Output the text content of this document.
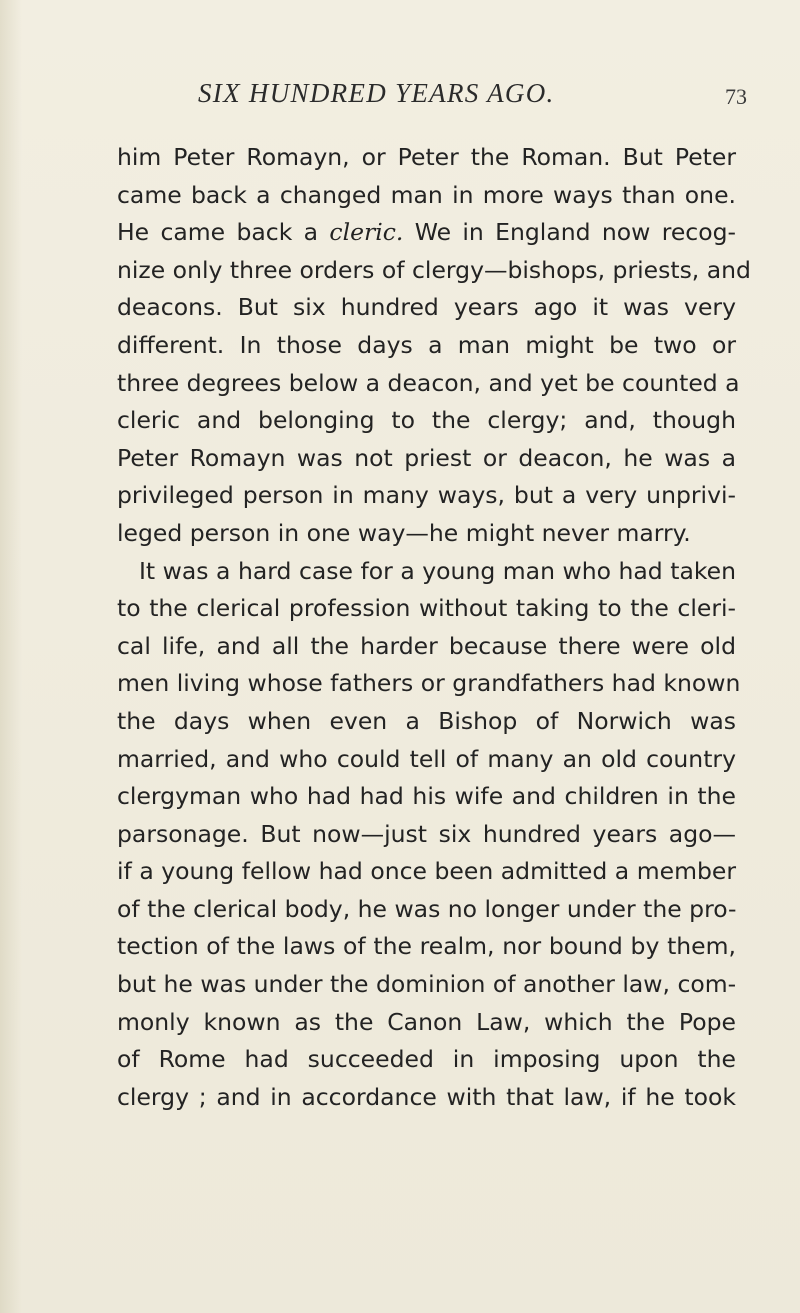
SIX HUNDRED YEARS AGO.	73
him Peter Romayn, or Peter the Roman. But Peter
came back a changed man in more ways than one.
He came back a cleric. We in England now recog-
nize only three orders of clergy—bishops, priests, and
deacons. But six hundred years ago it was very
different. In those days a man might be two or
three degrees below a deacon, and yet be counted a
cleric and belonging to the clergy; and, though
Peter Romayn was not priest or deacon, he was a
privileged person in many ways, but a very unprivi-
leged person in one way—he might never marry.
It was a hard case for a young man who had taken
to the clerical profession without taking to the cleri-
cal life, and all the harder because there were old
men living whose fathers or grandfathers had known
the days when even a Bishop of Norwich was
married, and who could tell of many an old country
clergyman who had had his wife and children in the
parsonage. But now—just six hundred years ago—
if a young fellow had once been admitted a member
of the clerical body, he was no longer under the pro-
tection of the laws of the realm, nor bound by them,
but he was under the dominion of another law, com-
monly known as the Canon Law, which the Pope
of Rome had succeeded in imposing upon the
clergy ; and in accordance with that law, if he took
